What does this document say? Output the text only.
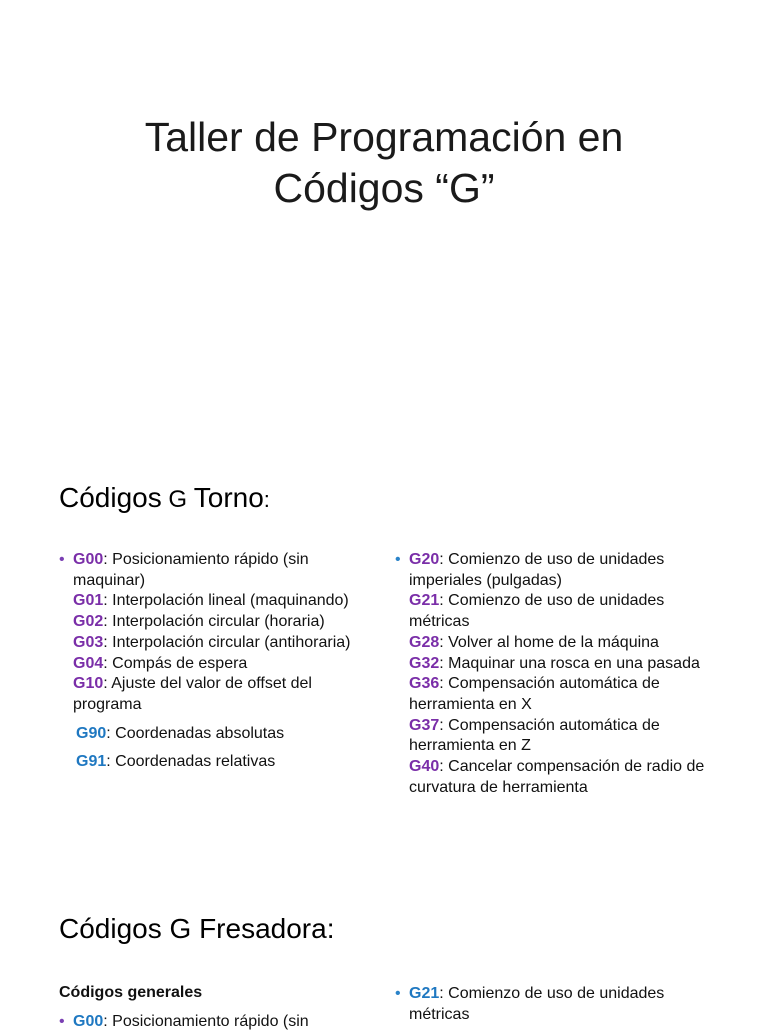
Taller de Programación en
Códigos “G”
Códigos G Torno:
• G00: Posicionamiento rápido (sin maquinar)
G01: Interpolación lineal (maquinando)
G02: Interpolación circular (horaria)
G03: Interpolación circular (antihoraria)
G04: Compás de espera
G10: Ajuste del valor de offset del programa
G90: Coordenadas absolutas
G91: Coordenadas relativas
• G20: Comienzo de uso de unidades imperiales (pulgadas)
G21: Comienzo de uso de unidades métricas
G28: Volver al home de la máquina
G32: Maquinar una rosca en una pasada
G36: Compensación automática de herramienta en X
G37: Compensación automática de herramienta en Z
G40: Cancelar compensación de radio de curvatura de herramienta
Códigos G Fresadora:
Códigos generales
• G00: Posicionamiento rápido (sin
• G21: Comienzo de uso de unidades métricas
